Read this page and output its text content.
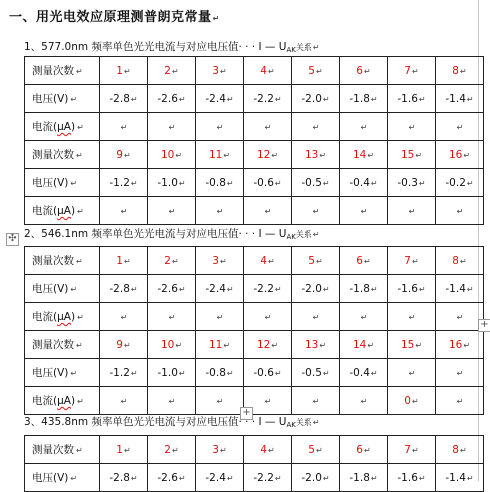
一、用光电效应原理测普朗克常量↵
1、577.0nm 频率单色光光电流与对应电压值· · · I — $U_{AK}$关系↵
测量次数 ↵	1↵	2↵	3↵	4↵	5↵	6↵	7↵	8↵
电压(V) ↵	-2.8↵	-2.6↵	-2.4↵	-2.2↵	-2.0↵	-1.8↵	-1.6↵	-1.4↵
电流(μA) ↵	↵	↵	↵	↵	↵	↵	↵	↵
测量次数 ↵	9↵	10↵	11↵	12↵	13↵	14↵	15↵	16↵
电压(V) ↵	-1.2↵	-1.0↵	-0.8↵	-0.6↵	-0.5↵	-0.4↵	-0.3↵	-0.2↵
电流(μA) ↵	↵	↵	↵	↵	↵	↵	↵	↵
✣ 2、546.1nm 频率单色光光电流与对应电压值· · · I — $U_{AK}$关系↵
测量次数 ↵	1↵	2↵	3↵	4↵	5↵	6↵	7↵	8↵
电压(V) ↵	-2.8↵	-2.6↵	-2.4↵	-2.2↵	-2.0↵	-1.8↵	-1.6↵	-1.4↵
电流(μA) ↵	↵	↵	↵	↵	↵	↵	↵	↵
测量次数 ↵	9↵	10↵	11↵	12↵	13↵	14↵	15↵	16↵
电压(V) ↵	-1.2↵	-1.0↵	-0.8↵	-0.6↵	-0.5↵	-0.4↵	↵	↵
电流(μA) ↵	↵	↵	↵	↵	↵	↵	0↵	↵
+
+
3、435.8nm 频率单色光光电流与对应电压值· · · I — $U_{AK}$关系↵
测量次数 ↵	1↵	2↵	3↵	4↵	5↵	6↵	7↵	8↵
电压(V) ↵	-2.8↵	-2.6↵	-2.4↵	-2.2↵	-2.0↵	-1.8↵	-1.6↵	-1.4↵
